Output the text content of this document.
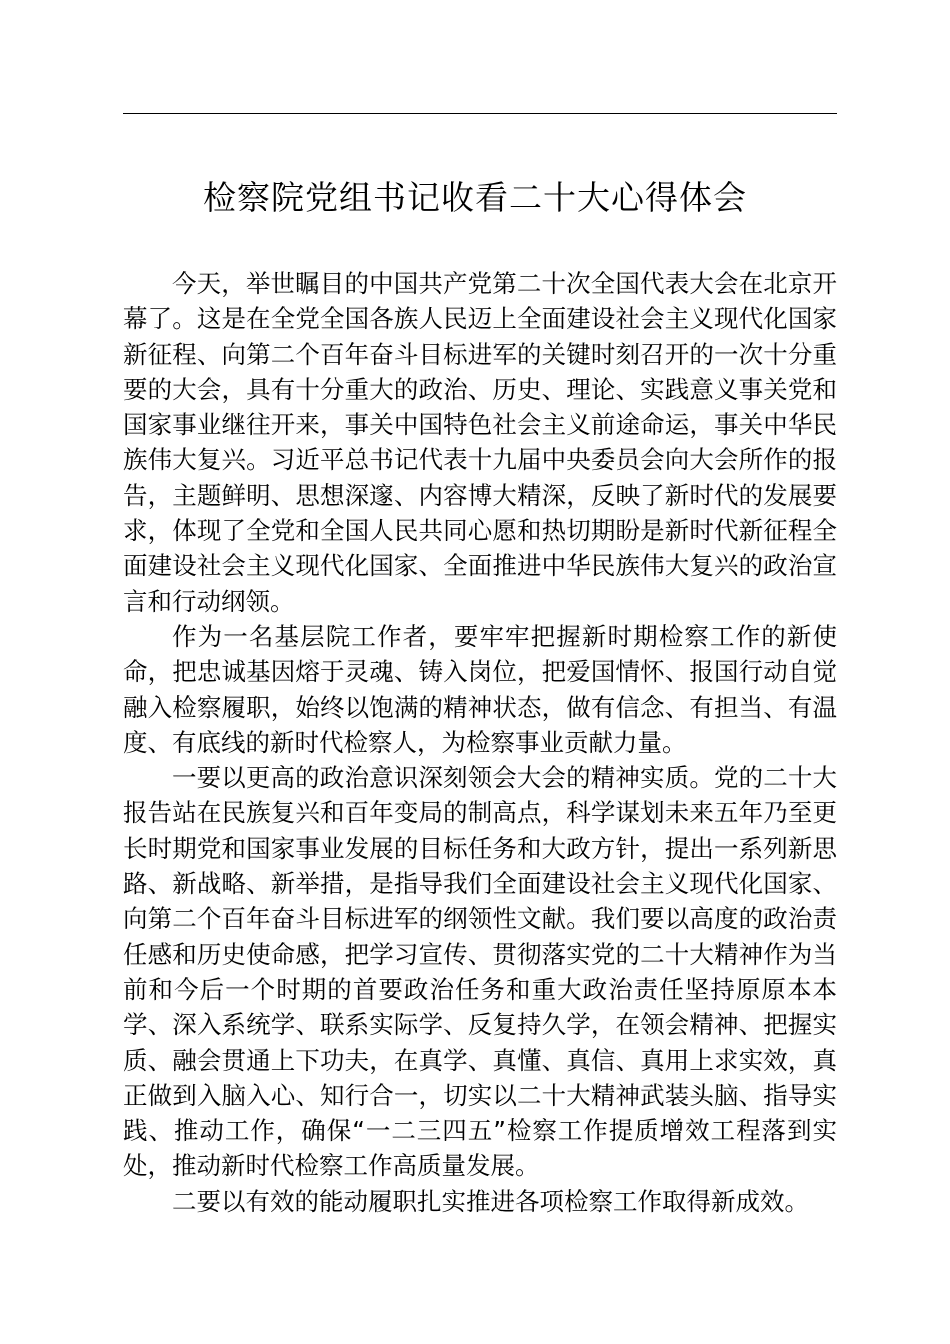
检察院党组书记收看二十大心得体会

今天，举世瞩目的中国共产党第二十次全国代表大会在北京开幕了。这是在全党全国各族人民迈上全面建设社会主义现代化国家新征程、向第二个百年奋斗目标进军的关键时刻召开的一次十分重要的大会，具有十分重大的政治、历史、理论、实践意义事关党和国家事业继往开来，事关中国特色社会主义前途命运，事关中华民族伟大复兴。习近平总书记代表十九届中央委员会向大会所作的报告，主题鲜明、思想深邃、内容博大精深，反映了新时代的发展要求，体现了全党和全国人民共同心愿和热切期盼是新时代新征程全面建设社会主义现代化国家、全面推进中华民族伟大复兴的政治宣言和行动纲领。

作为一名基层院工作者，要牢牢把握新时期检察工作的新使命，把忠诚基因熔于灵魂、铸入岗位，把爱国情怀、报国行动自觉融入检察履职，始终以饱满的精神状态，做有信念、有担当、有温度、有底线的新时代检察人，为检察事业贡献力量。

一要以更高的政治意识深刻领会大会的精神实质。党的二十大报告站在民族复兴和百年变局的制高点，科学谋划未来五年乃至更长时期党和国家事业发展的目标任务和大政方针，提出一系列新思路、新战略、新举措，是指导我们全面建设社会主义现代化国家、向第二个百年奋斗目标进军的纲领性文献。我们要以高度的政治责任感和历史使命感，把学习宣传、贯彻落实党的二十大精神作为当前和今后一个时期的首要政治任务和重大政治责任坚持原原本本学、深入系统学、联系实际学、反复持久学，在领会精神、把握实质、融会贯通上下功夫，在真学、真懂、真信、真用上求实效，真正做到入脑入心、知行合一，切实以二十大精神武装头脑、指导实践、推动工作，确保“一二三四五”检察工作提质增效工程落到实处，推动新时代检察工作高质量发展。

二要以有效的能动履职扎实推进各项检察工作取得新成效。
